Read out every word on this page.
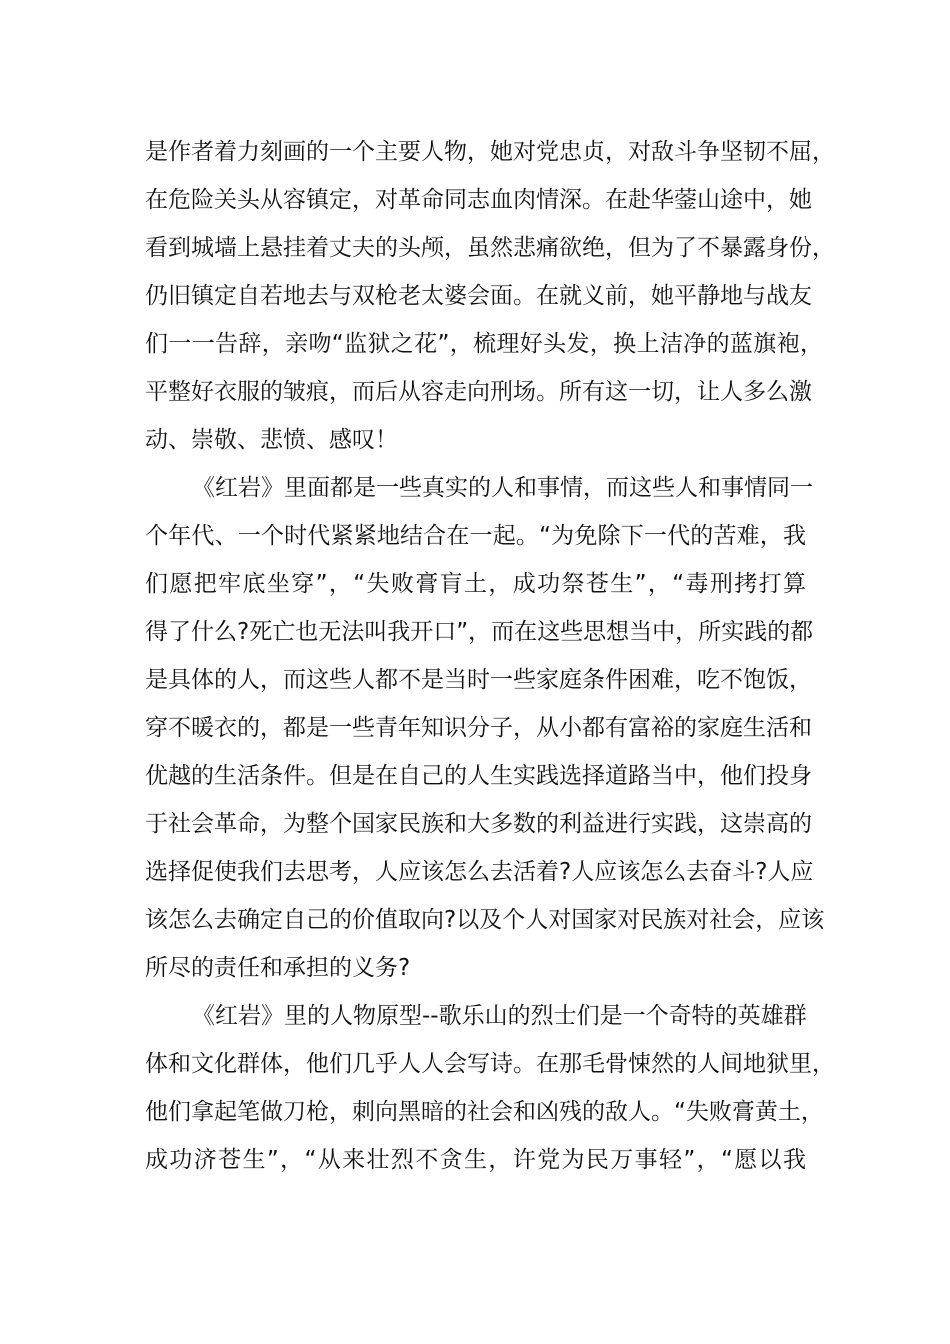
是作者着力刻画的一个主要人物，她对党忠贞，对敌斗争坚韧不屈，
在危险关头从容镇定，对革命同志血肉情深。在赴华蓥山途中，她
看到城墙上悬挂着丈夫的头颅，虽然悲痛欲绝，但为了不暴露身份，
仍旧镇定自若地去与双枪老太婆会面。在就义前，她平静地与战友
们一一告辞，亲吻“监狱之花”，梳理好头发，换上洁净的蓝旗袍，
平整好衣服的皱痕，而后从容走向刑场。所有这一切，让人多么激
动、崇敬、悲愤、感叹！
《红岩》里面都是一些真实的人和事情，而这些人和事情同一
个年代、一个时代紧紧地结合在一起。“为免除下一代的苦难，我
们愿把牢底坐穿”，“失败膏肓土，成功祭苍生”，“毒刑拷打算
得了什么?死亡也无法叫我开口”，而在这些思想当中，所实践的都
是具体的人，而这些人都不是当时一些家庭条件困难，吃不饱饭，
穿不暖衣的，都是一些青年知识分子，从小都有富裕的家庭生活和
优越的生活条件。但是在自己的人生实践选择道路当中，他们投身
于社会革命，为整个国家民族和大多数的利益进行实践，这崇高的
选择促使我们去思考，人应该怎么去活着?人应该怎么去奋斗?人应
该怎么去确定自己的价值取向?以及个人对国家对民族对社会，应该
所尽的责任和承担的义务?
《红岩》里的人物原型--歌乐山的烈士们是一个奇特的英雄群
体和文化群体，他们几乎人人会写诗。在那毛骨悚然的人间地狱里，
他们拿起笔做刀枪，刺向黑暗的社会和凶残的敌人。“失败膏黄土，
成功济苍生”，“从来壮烈不贪生，许党为民万事轻”，“愿以我
